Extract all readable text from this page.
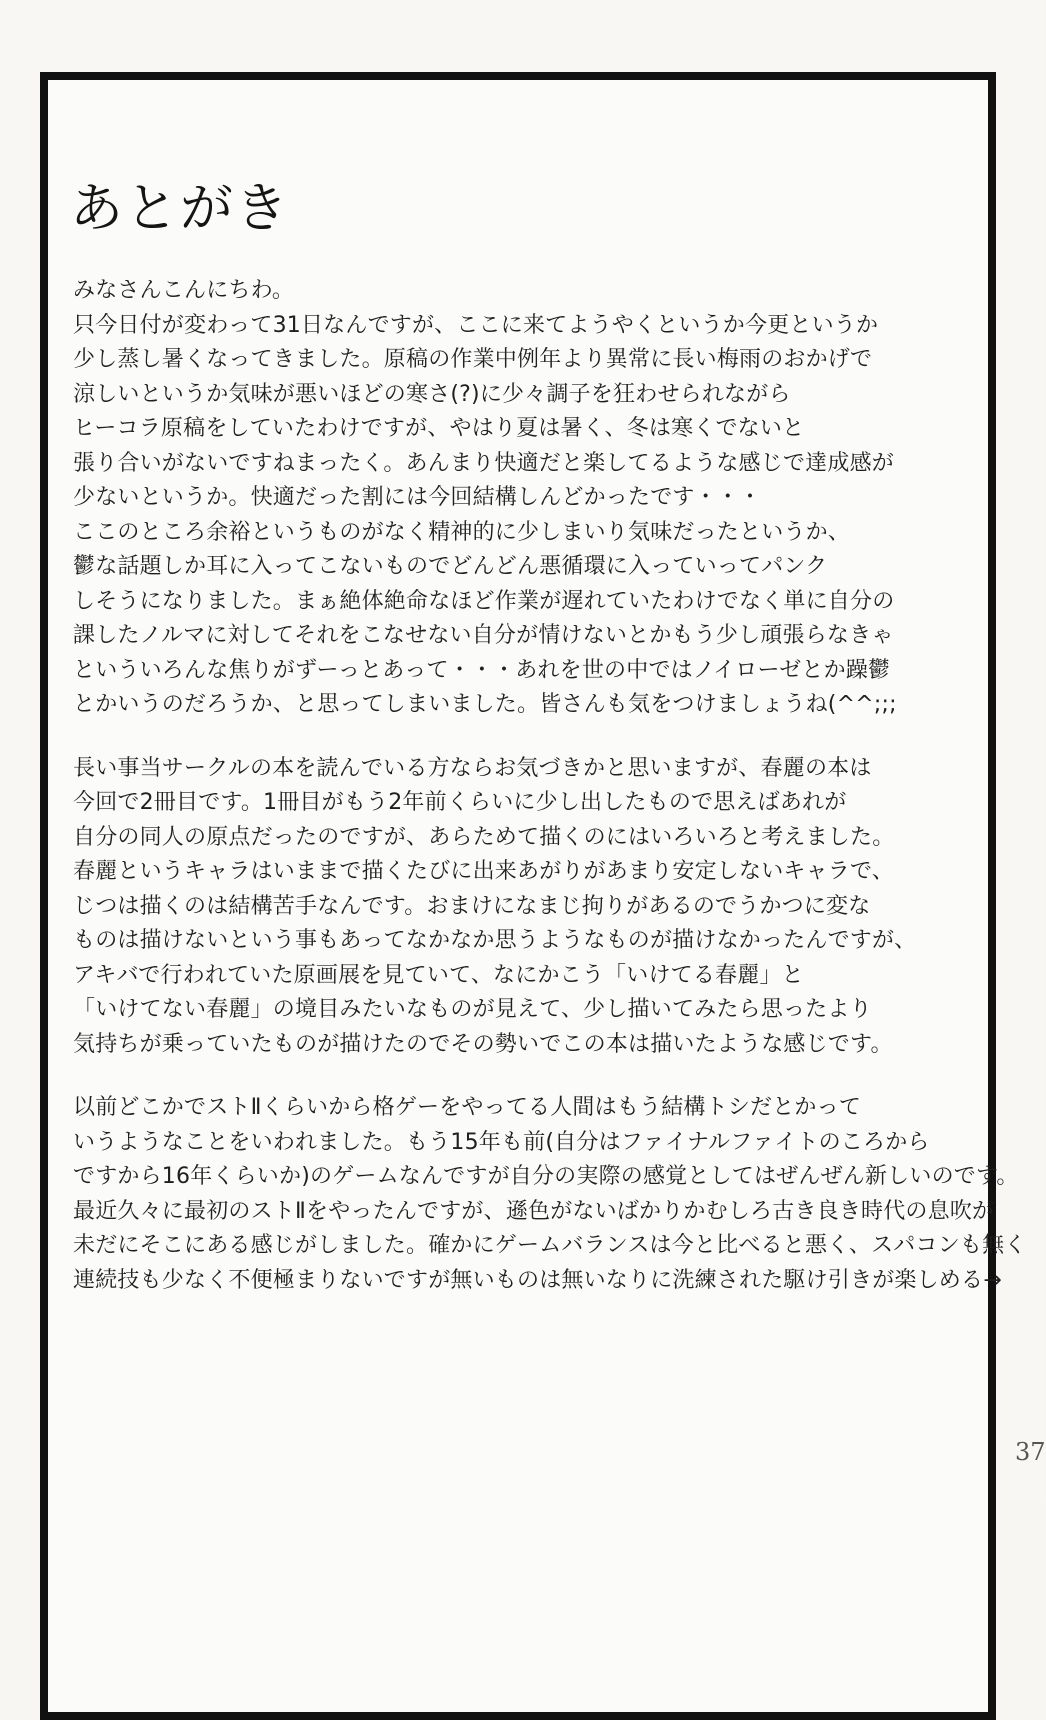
あとがき

みなさんこんにちわ。

只今日付が変わって31日なんですが、ここに来てようやくというか今更というか

少し蒸し暑くなってきました。原稿の作業中例年より異常に長い梅雨のおかげで

涼しいというか気味が悪いほどの寒さ(?)に少々調子を狂わせられながら

ヒーコラ原稿をしていたわけですが、やはり夏は暑く、冬は寒くでないと

張り合いがないですねまったく。あんまり快適だと楽してるような感じで達成感が

少ないというか。快適だった割には今回結構しんどかったです・・・

ここのところ余裕というものがなく精神的に少しまいり気味だったというか、

鬱な話題しか耳に入ってこないものでどんどん悪循環に入っていってパンク

しそうになりました。まぁ絶体絶命なほど作業が遅れていたわけでなく単に自分の

課したノルマに対してそれをこなせない自分が情けないとかもう少し頑張らなきゃ

といういろんな焦りがずーっとあって・・・あれを世の中ではノイローゼとか躁鬱

とかいうのだろうか、と思ってしまいました。皆さんも気をつけましょうね(^^;;;

長い事当サークルの本を読んでいる方ならお気づきかと思いますが、春麗の本は

今回で2冊目です。1冊目がもう2年前くらいに少し出したもので思えばあれが

自分の同人の原点だったのですが、あらためて描くのにはいろいろと考えました。

春麗というキャラはいままで描くたびに出来あがりがあまり安定しないキャラで、

じつは描くのは結構苦手なんです。おまけになまじ拘りがあるのでうかつに変な

ものは描けないという事もあってなかなか思うようなものが描けなかったんですが、

アキバで行われていた原画展を見ていて、なにかこう「いけてる春麗」と

「いけてない春麗」の境目みたいなものが見えて、少し描いてみたら思ったより

気持ちが乗っていたものが描けたのでその勢いでこの本は描いたような感じです。

以前どこかでストⅡくらいから格ゲーをやってる人間はもう結構トシだとかって

いうようなことをいわれました。もう15年も前(自分はファイナルファイトのころから

ですから16年くらいか)のゲームなんですが自分の実際の感覚としてはぜんぜん新しいのです。

最近久々に最初のストⅡをやったんですが、遜色がないばかりかむしろ古き良き時代の息吹が

未だにそこにある感じがしました。確かにゲームバランスは今と比べると悪く、スパコンも無く

連続技も少なく不便極まりないですが無いものは無いなりに洗練された駆け引きが楽しめる→

37
